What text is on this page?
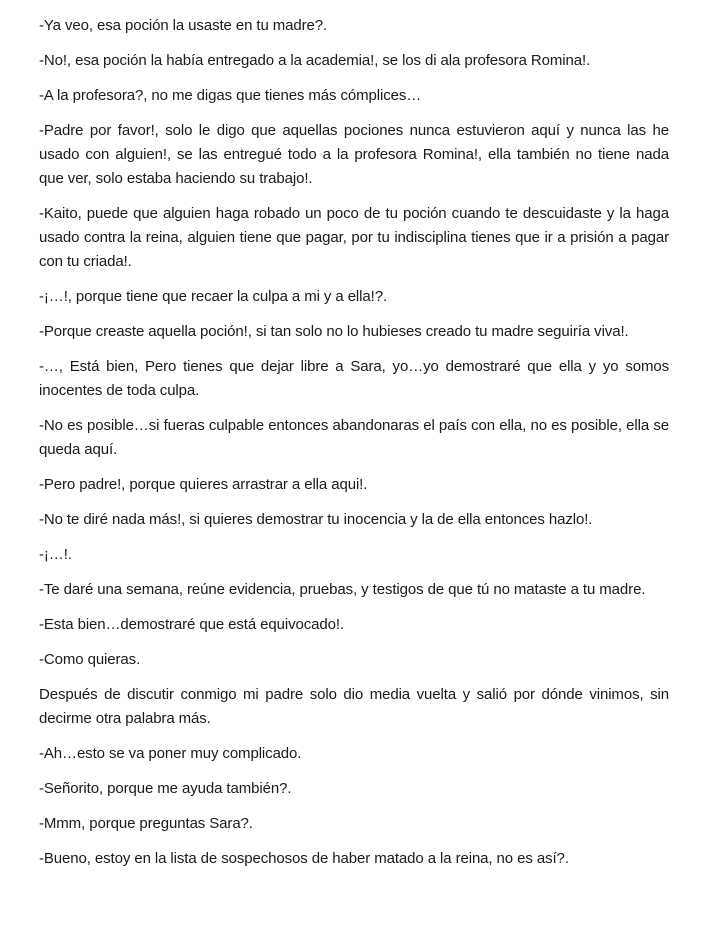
-Ya veo, esa poción la usaste en tu madre?.

-No!, esa poción la había entregado a la academia!, se los di ala profesora Romina!.

-A la profesora?, no me digas que tienes más cómplices…

-Padre por favor!, solo le digo que aquellas pociones nunca estuvieron aquí y nunca las he usado con alguien!, se las entregué todo a la profesora Romina!, ella también no tiene nada que ver, solo estaba haciendo su trabajo!.

-Kaito, puede que alguien haga robado un poco de tu poción cuando te descuidaste y la haga usado contra la reina, alguien tiene que pagar, por tu indisciplina tienes que ir a prisión a pagar con tu criada!.

-¡…!, porque tiene que recaer la culpa a mi y a ella!?.

-Porque creaste aquella poción!, si tan solo no lo hubieses creado tu madre seguiría viva!.

-…, Está bien, Pero tienes que dejar libre a Sara, yo…yo demostraré que ella y yo somos inocentes de toda culpa.

-No es posible…si fueras culpable entonces abandonaras el país con ella, no es posible, ella se queda aquí.

-Pero padre!, porque quieres arrastrar a ella aqui!.

-No te diré nada más!, si quieres demostrar tu inocencia y la de ella entonces hazlo!.

-¡…!.

-Te daré una semana, reúne evidencia, pruebas, y testigos de que tú no mataste a tu madre.

-Esta bien…demostraré que está equivocado!.

-Como quieras.

Después de discutir conmigo mi padre solo dio media vuelta y salió por dónde vinimos, sin decirme otra palabra más.

-Ah…esto se va poner muy complicado.

-Señorito, porque me ayuda también?.

-Mmm, porque preguntas Sara?.

-Bueno, estoy en la lista de sospechosos de haber matado a la reina, no es así?.
